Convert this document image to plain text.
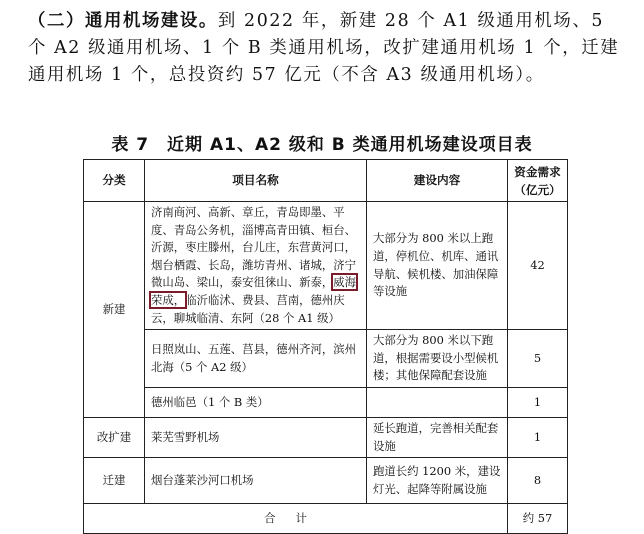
（二）通用机场建设。到 2022 年，新建 28 个 A1 级通用机场、5 个 A2 级通用机场、1 个 B 类通用机场，改扩建通用机场 1 个，迁建通用机场 1 个，总投资约 57 亿元（不含 A3 级通用机场）。
表 7　近期 A1、A2 级和 B 类通用机场建设项目表
分类	项目名称	建设内容	资金需求（亿元）
新建	济南商河、高新、章丘，青岛即墨、平度、青岛公务机，淄博高青田镇、桓台、沂源，枣庄滕州，台儿庄，东营黄河口，烟台栖霞、长岛，潍坊青州、诸城，济宁微山岛、梁山，泰安徂徕山、新泰，威海荣成，临沂临沭、费县、莒南，德州庆云，聊城临清、东阿（28 个 A1 级）	大部分为 800 米以上跑道，停机位、机库、通讯导航、候机楼、加油保障等设施	42
	日照岚山、五莲、莒县，德州齐河，滨州北海（5 个 A2 级）	大部分为 800 米以下跑道，根据需要设小型候机楼；其他保障配套设施	5
	德州临邑（1 个 B 类）		1
改扩建	莱芜雪野机场	延长跑道，完善相关配套设施	1
迁建	烟台蓬莱沙河口机场	跑道长约 1200 米，建设灯光、起降等附属设施	8
合计			约 57
